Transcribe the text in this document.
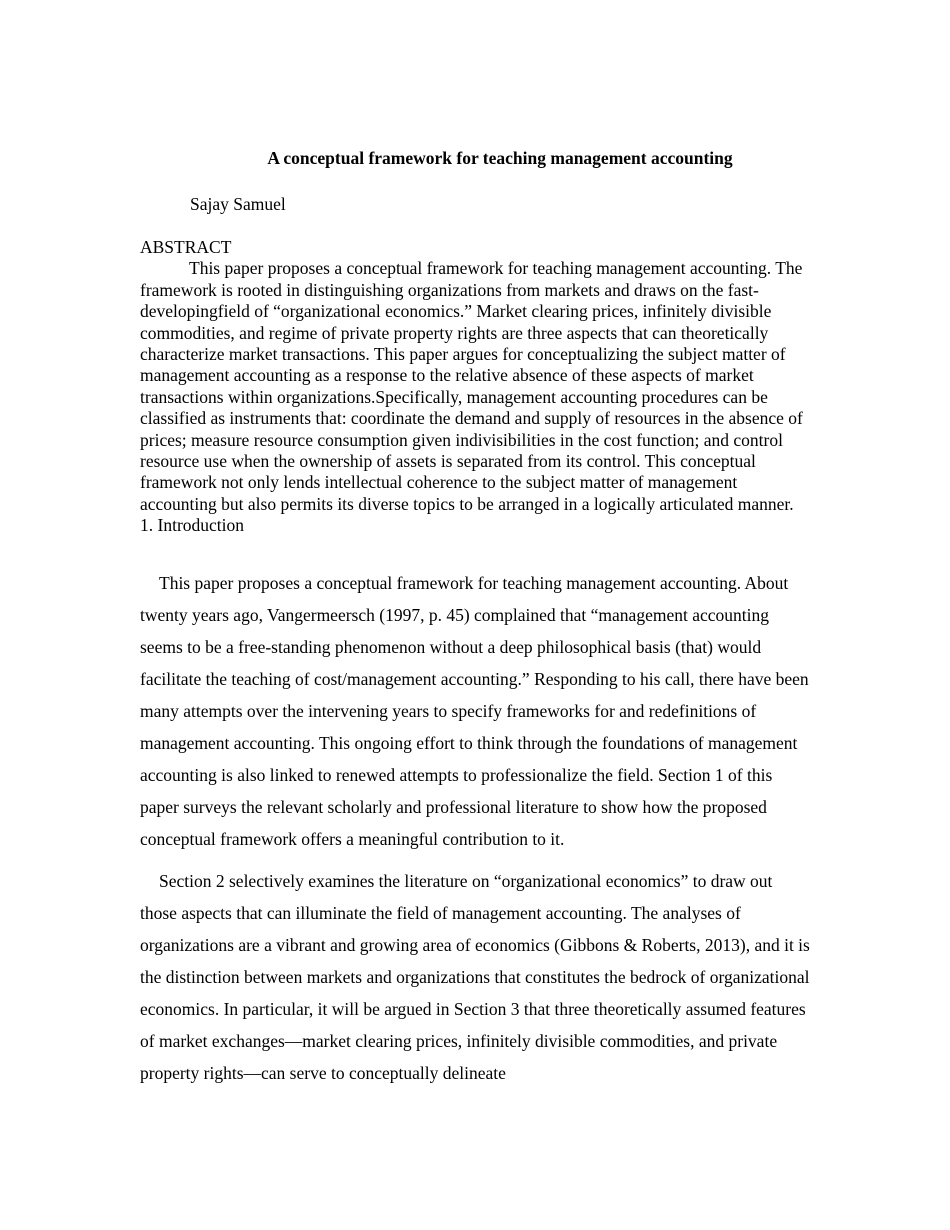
A conceptual framework for teaching management accounting

Sajay Samuel

ABSTRACT

This paper proposes a conceptual framework for teaching management accounting. The framework is rooted in distinguishing organizations from markets and draws on the fast-developingfield of “organizational economics.” Market clearing prices, infinitely divisible commodities, and regime of private property rights are three aspects that can theoretically characterize market transactions. This paper argues for conceptualizing the subject matter of management accounting as a response to the relative absence of these aspects of market transactions within organizations.Specifically, management accounting procedures can be classified as instruments that: coordinate the demand and supply of resources in the absence of prices; measure resource consumption given indivisibilities in the cost function; and control resource use when the ownership of assets is separated from its control. This conceptual framework not only lends intellectual coherence to the subject matter of management accounting but also permits its diverse topics to be arranged in a logically articulated manner.

1. Introduction

This paper proposes a conceptual framework for teaching management accounting. About twenty years ago, Vangermeersch (1997, p. 45) complained that “management accounting seems to be a free-standing phenomenon without a deep philosophical basis (that) would facilitate the teaching of cost/management accounting.” Responding to his call, there have been many attempts over the intervening years to specify frameworks for and redefinitions of management accounting. This ongoing effort to think through the foundations of management accounting is also linked to renewed attempts to professionalize the field. Section 1 of this paper surveys the relevant scholarly and professional literature to show how the proposed conceptual framework offers a meaningful contribution to it.

Section 2 selectively examines the literature on “organizational economics” to draw out those aspects that can illuminate the field of management accounting. The analyses of organizations are a vibrant and growing area of economics (Gibbons & Roberts, 2013), and it is the distinction between markets and organizations that constitutes the bedrock of organizational economics. In particular, it will be argued in Section 3 that three theoretically assumed features of market exchanges—market clearing prices, infinitely divisible commodities, and private property rights—can serve to conceptually delineate
